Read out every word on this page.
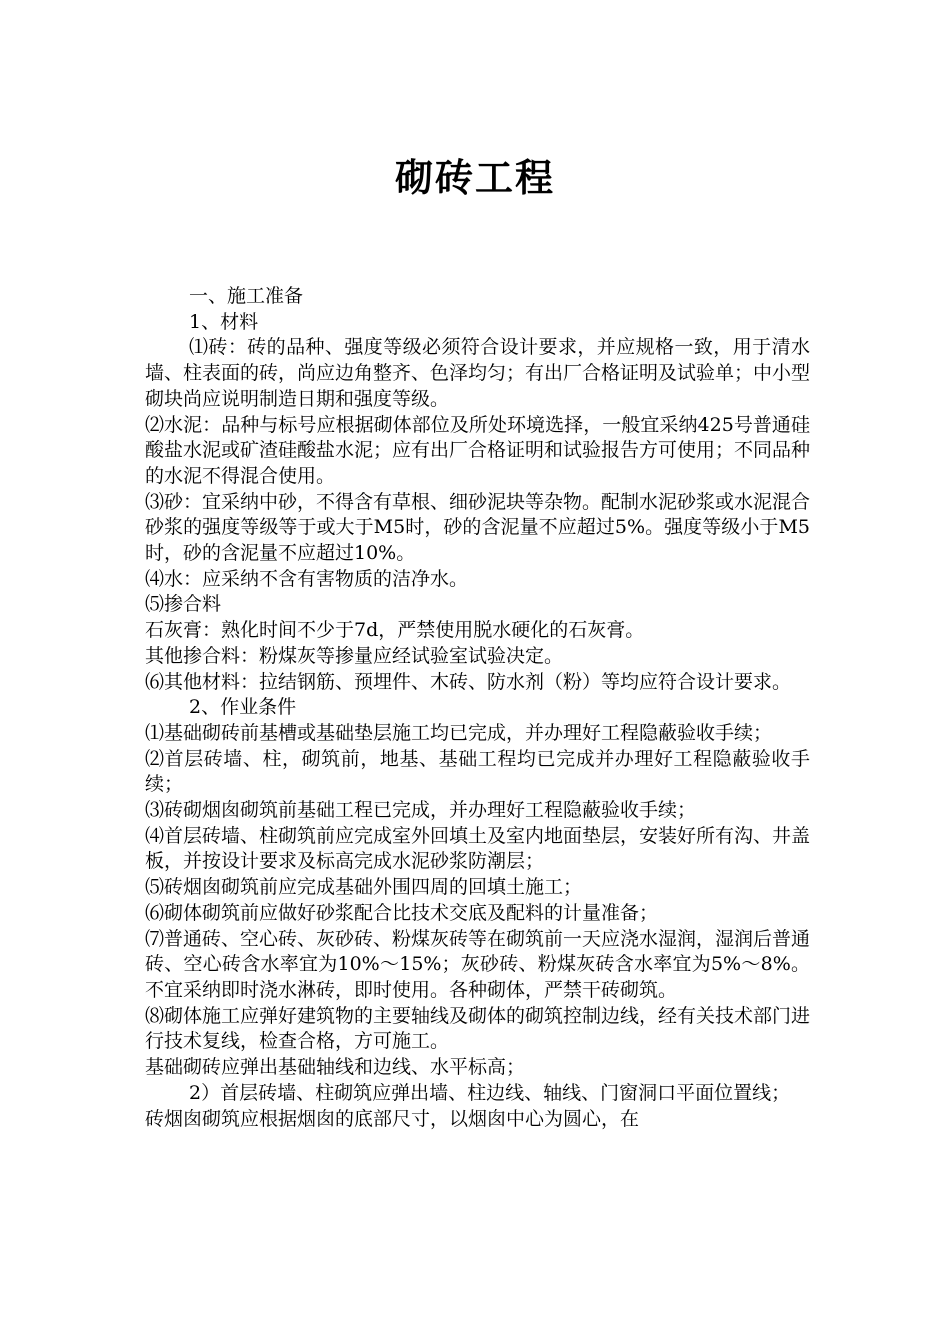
砌砖工程

一、施工准备

1、材料

⑴砖：砖的品种、强度等级必须符合设计要求，并应规格一致，用于清水墙、柱表面的砖，尚应边角整齐、色泽均匀；有出厂合格证明及试验单；中小型砌块尚应说明制造日期和强度等级。

⑵水泥：品种与标号应根据砌体部位及所处环境选择，一般宜采纳425号普通硅酸盐水泥或矿渣硅酸盐水泥；应有出厂合格证明和试验报告方可使用；不同品种的水泥不得混合使用。

⑶砂：宜采纳中砂，不得含有草根、细砂泥块等杂物。配制水泥砂浆或水泥混合砂浆的强度等级等于或大于M5时，砂的含泥量不应超过5%。强度等级小于M5时，砂的含泥量不应超过10%。

⑷水：应采纳不含有害物质的洁净水。

⑸掺合料

石灰膏：熟化时间不少于7d，严禁使用脱水硬化的石灰膏。

其他掺合料：粉煤灰等掺量应经试验室试验决定。

⑹其他材料：拉结钢筋、预埋件、木砖、防水剂（粉）等均应符合设计要求。

2、作业条件

⑴基础砌砖前基槽或基础垫层施工均已完成，并办理好工程隐蔽验收手续；

⑵首层砖墙、柱，砌筑前，地基、基础工程均已完成并办理好工程隐蔽验收手续；

⑶砖砌烟囱砌筑前基础工程已完成，并办理好工程隐蔽验收手续；

⑷首层砖墙、柱砌筑前应完成室外回填土及室内地面垫层，安装好所有沟、井盖板，并按设计要求及标高完成水泥砂浆防潮层；

⑸砖烟囱砌筑前应完成基础外围四周的回填土施工；

⑹砌体砌筑前应做好砂浆配合比技术交底及配料的计量准备；

⑺普通砖、空心砖、灰砂砖、粉煤灰砖等在砌筑前一天应浇水湿润，湿润后普通砖、空心砖含水率宜为10%～15%；灰砂砖、粉煤灰砖含水率宜为5%～8%。不宜采纳即时浇水淋砖，即时使用。各种砌体，严禁干砖砌筑。

⑻砌体施工应弹好建筑物的主要轴线及砌体的砌筑控制边线，经有关技术部门进行技术复线，检查合格，方可施工。

基础砌砖应弹出基础轴线和边线、水平标高；

2）首层砖墙、柱砌筑应弹出墙、柱边线、轴线、门窗洞口平面位置线；

砖烟囱砌筑应根据烟囱的底部尺寸，以烟囱中心为圆心，在
